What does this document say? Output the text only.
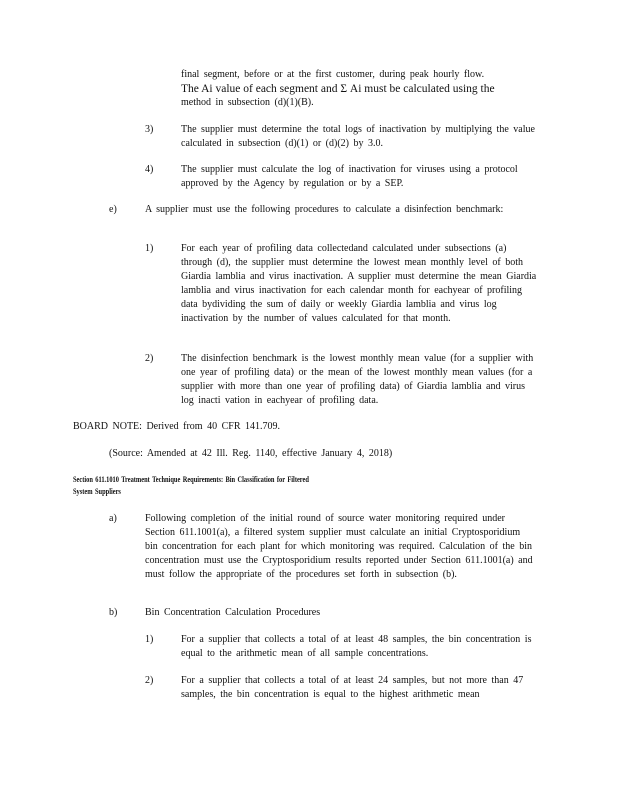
final segment, before or at the first customer, during peak hourly flow.
The Ai value of each segment and Σ Ai must be calculated using the
method in subsection (d)(1)(B).
3)	The supplier must determine the total logs of inactivation by multiplying the value calculated in subsection (d)(1) or (d)(2) by 3.0.
4)	The supplier must calculate the log of inactivation for viruses using a protocol approved by the Agency by regulation or by a SEP.
e)	A supplier must use the following procedures to calculate a disinfection benchmark:
1)	For each year of profiling data collectedand calculated under subsections (a) through (d), the supplier must determine the lowest mean monthly level of both Giardia lamblia and virus inactivation. A supplier must determine the mean Giardia lamblia and virus inactivation for each calendar month for eachyear of profiling data bydividing the sum of daily or weekly Giardia lamblia and virus log inactivation by the number of values calculated for that month.
2)	The disinfection benchmark is the lowest monthly mean value (for a supplier with one year of profiling data) or the mean of the lowest monthly mean values (for a supplier with more than one year of profiling data) of Giardia lamblia and virus log inacti vation in eachyear of profiling data.
BOARD NOTE: Derived from 40 CFR 141.709.
(Source: Amended at 42 Ill. Reg. 1140, effective January 4, 2018)
Section 611.1010 Treatment Technique Requirements: Bin Classification for Filtered
System Suppliers
a)	Following completion of the initial round of source water monitoring required under Section 611.1001(a), a filtered system supplier must calculate an initial Cryptosporidium bin concentration for each plant for which monitoring was required. Calculation of the bin concentration must use the Cryptosporidium results reported under Section 611.1001(a) and must follow the appropriate of the procedures set forth in subsection (b).
b)	Bin Concentration Calculation Procedures
1)	For a supplier that collects a total of at least 48 samples, the bin concentration is equal to the arithmetic mean of all sample concentrations.
2)	For a supplier that collects a total of at least 24 samples, but not more than 47 samples, the bin concentration is equal to the highest arithmetic mean
